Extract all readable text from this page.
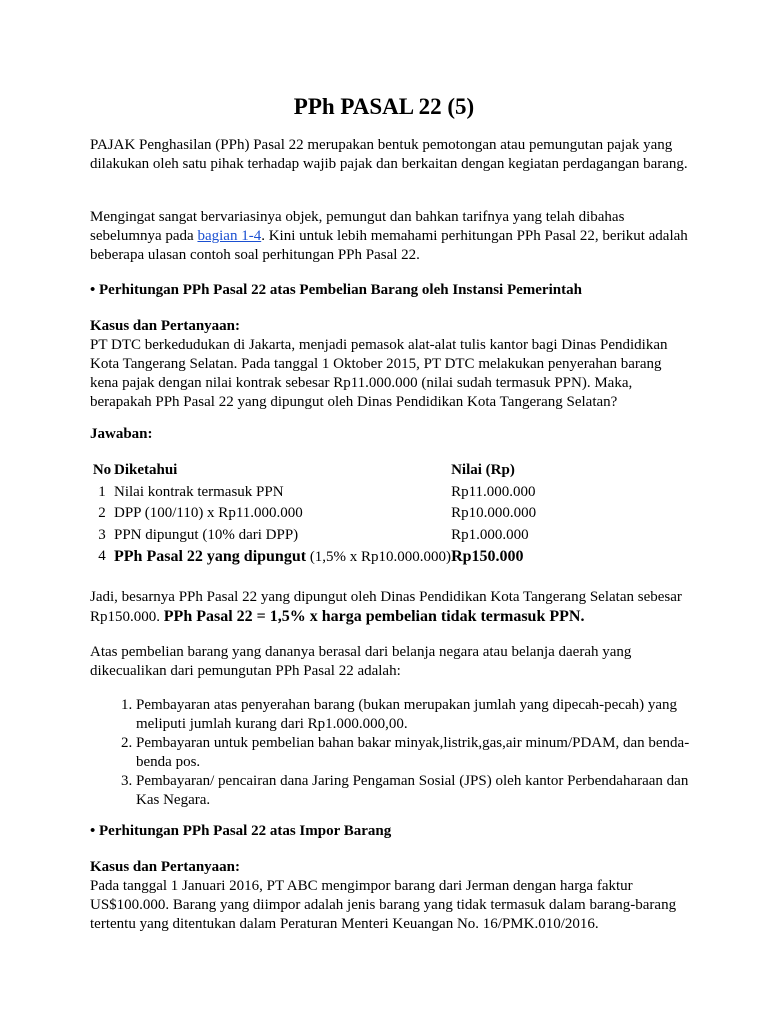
PPh PASAL 22 (5)

PAJAK Penghasilan (PPh) Pasal 22 merupakan bentuk pemotongan atau pemungutan pajak yang dilakukan oleh satu pihak terhadap wajib pajak dan berkaitan dengan kegiatan perdagangan barang.

Mengingat sangat bervariasinya objek, pemungut dan bahkan tarifnya yang telah dibahas sebelumnya pada bagian 1-4. Kini untuk lebih memahami perhitungan PPh Pasal 22, berikut adalah beberapa ulasan contoh soal perhitungan PPh Pasal 22.

• Perhitungan PPh Pasal 22 atas Pembelian Barang oleh Instansi Pemerintah

Kasus dan Pertanyaan:

PT DTC berkedudukan di Jakarta, menjadi pemasok alat-alat tulis kantor bagi Dinas Pendidikan Kota Tangerang Selatan. Pada tanggal 1 Oktober 2015, PT DTC melakukan penyerahan barang kena pajak dengan nilai kontrak sebesar Rp11.000.000 (nilai sudah termasuk PPN). Maka, berapakah PPh Pasal 22 yang dipungut oleh Dinas Pendidikan Kota Tangerang Selatan?

Jawaban:
No	Diketahui	Nilai (Rp)
1	Nilai kontrak termasuk PPN	Rp11.000.000
2	DPP (100/110) x Rp11.000.000	Rp10.000.000
3	PPN dipungut (10% dari DPP)	Rp1.000.000
4	PPh Pasal 22 yang dipungut (1,5% x Rp10.000.000)	Rp150.000

Jadi, besarnya PPh Pasal 22 yang dipungut oleh Dinas Pendidikan Kota Tangerang Selatan sebesar Rp150.000. PPh Pasal 22 = 1,5% x harga pembelian tidak termasuk PPN.

Atas pembelian barang yang dananya berasal dari belanja negara atau belanja daerah yang dikecualikan dari pemungutan PPh Pasal 22 adalah:

1. Pembayaran atas penyerahan barang (bukan merupakan jumlah yang dipecah-pecah) yang meliputi jumlah kurang dari Rp1.000.000,00.
2. Pembayaran untuk pembelian bahan bakar minyak,listrik,gas,air minum/PDAM, dan benda-benda pos.
3. Pembayaran/ pencairan dana Jaring Pengaman Sosial (JPS) oleh kantor Perbendaharaan dan Kas Negara.
• Perhitungan PPh Pasal 22 atas Impor Barang

Kasus dan Pertanyaan:

Pada tanggal 1 Januari 2016, PT ABC mengimpor barang dari Jerman dengan harga faktur US$100.000. Barang yang diimpor adalah jenis barang yang tidak termasuk dalam barang-barang tertentu yang ditentukan dalam Peraturan Menteri Keuangan No. 16/PMK.010/2016.
